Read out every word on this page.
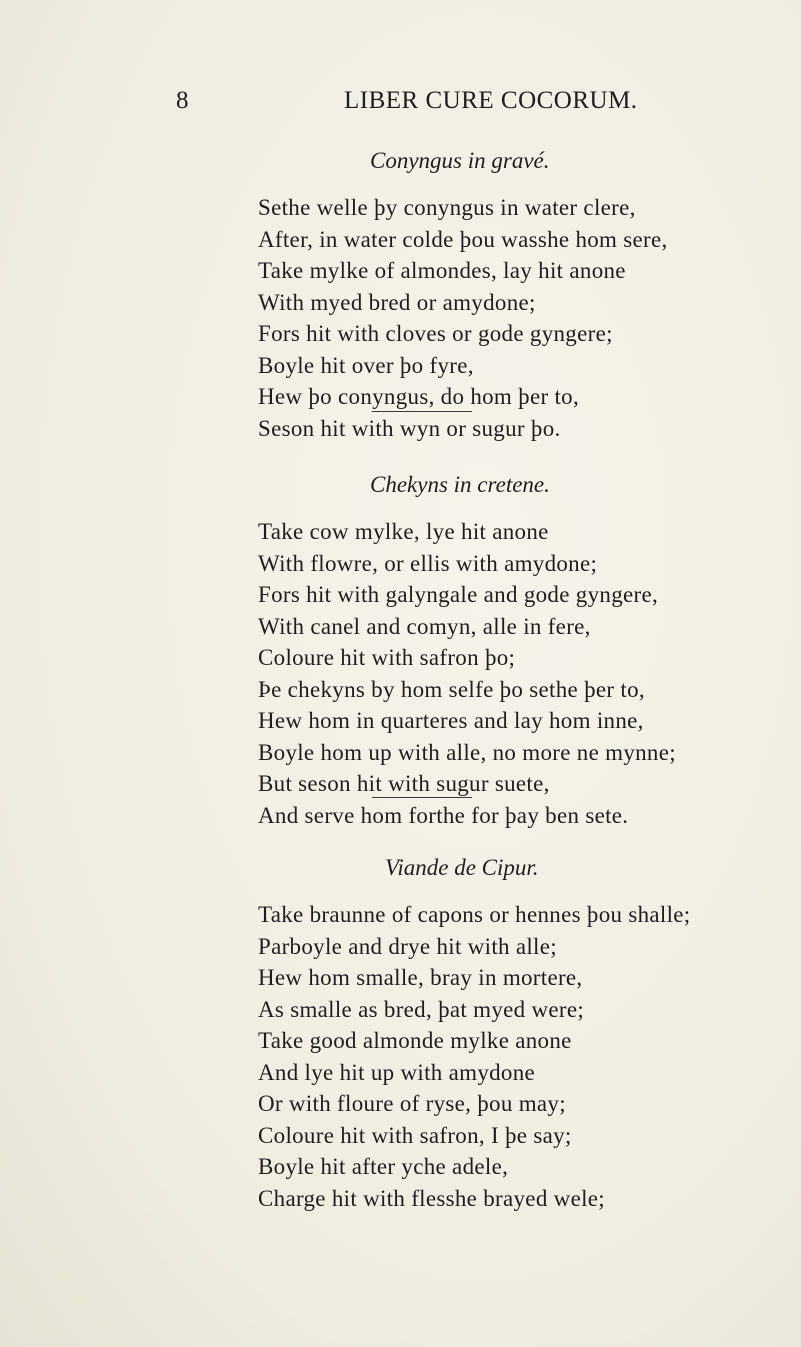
8	LIBER CURE COCORUM.
Conyngus in gravé.
Sethe welle þy conyngus in water clere,
After, in water colde þou wasshe hom sere,
Take mylke of almondes, lay hit anone
With myed bred or amydone;
Fors hit with cloves or gode gyngere;
Boyle hit over þo fyre,
Hew þo conyngus, do hom þer to,
Seson hit with wyn or sugur þo.
Chekyns in cretene.
Take cow mylke, lye hit anone
With flowre, or ellis with amydone;
Fors hit with galyngale and gode gyngere,
With canel and comyn, alle in fere,
Coloure hit with safron þo;
Þe chekyns by hom selfe þo sethe þer to,
Hew hom in quarteres and lay hom inne,
Boyle hom up with alle, no more ne mynne;
But seson hit with sugur suete,
And serve hom forthe for þay ben sete.
Viande de Cipur.
Take braunne of capons or hennes þou shalle;
Parboyle and drye hit with alle;
Hew hom smalle, bray in mortere,
As smalle as bred, þat myed were;
Take good almonde mylke anone
And lye hit up with amydone
Or with floure of ryse, þou may;
Coloure hit with safron, I þe say;
Boyle hit after yche adele,
Charge hit with flesshe brayed wele;
